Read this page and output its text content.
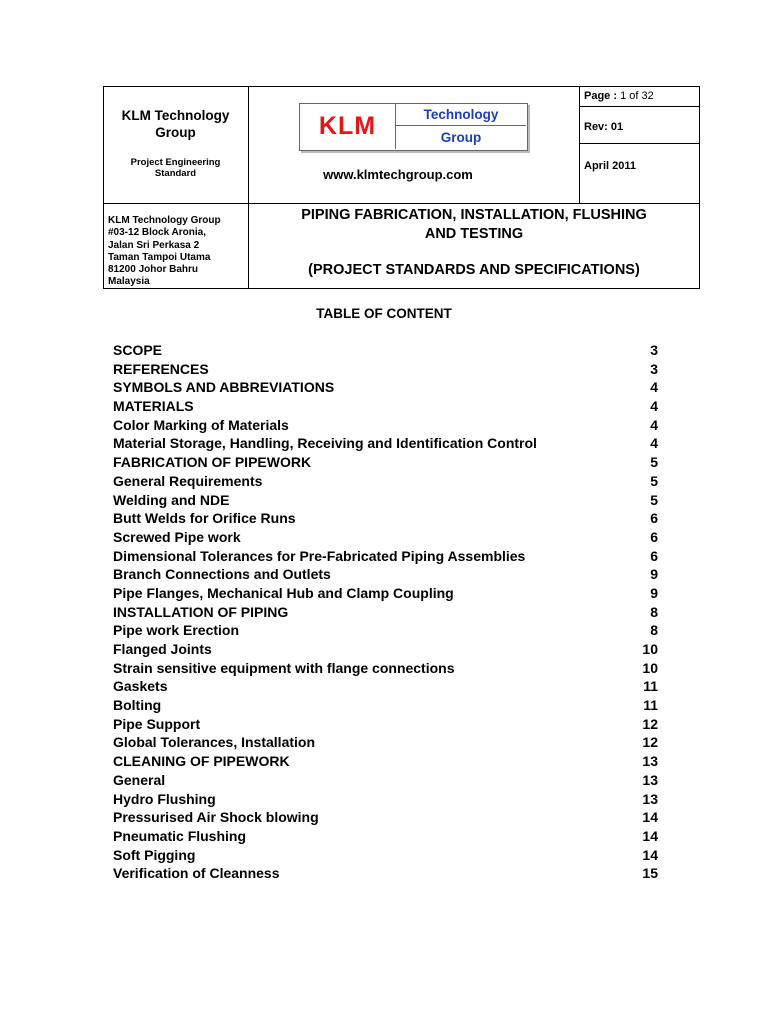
KLM Technology
Group
Project Engineering
Standard
KLM	Technology
Group
www.klmtechgroup.com
Page : 1 of 32
Rev: 01
April 2011
KLM Technology Group
#03-12 Block Aronia,
Jalan Sri Perkasa 2
Taman Tampoi Utama
81200 Johor Bahru
Malaysia
PIPING FABRICATION, INSTALLATION, FLUSHING
AND TESTING
(PROJECT STANDARDS AND SPECIFICATIONS)
TABLE OF CONTENT
SCOPE	3
REFERENCES	3
SYMBOLS AND ABBREVIATIONS	4
MATERIALS	4
Color Marking of Materials	4
Material Storage, Handling, Receiving and Identification Control	4
FABRICATION OF PIPEWORK	5
General Requirements	5
Welding and NDE	5
Butt Welds for Orifice Runs	6
Screwed Pipe work	6
Dimensional Tolerances for Pre-Fabricated Piping Assemblies	6
Branch Connections and Outlets	9
Pipe Flanges, Mechanical Hub and Clamp Coupling	9
INSTALLATION OF PIPING	8
Pipe work Erection	8
Flanged Joints	10
Strain sensitive equipment with flange connections	10
Gaskets	11
Bolting	11
Pipe Support	12
Global Tolerances, Installation	12
CLEANING OF PIPEWORK	13
General	13
Hydro Flushing	13
Pressurised Air Shock blowing	14
Pneumatic Flushing	14
Soft Pigging	14
Verification of Cleanness	15
